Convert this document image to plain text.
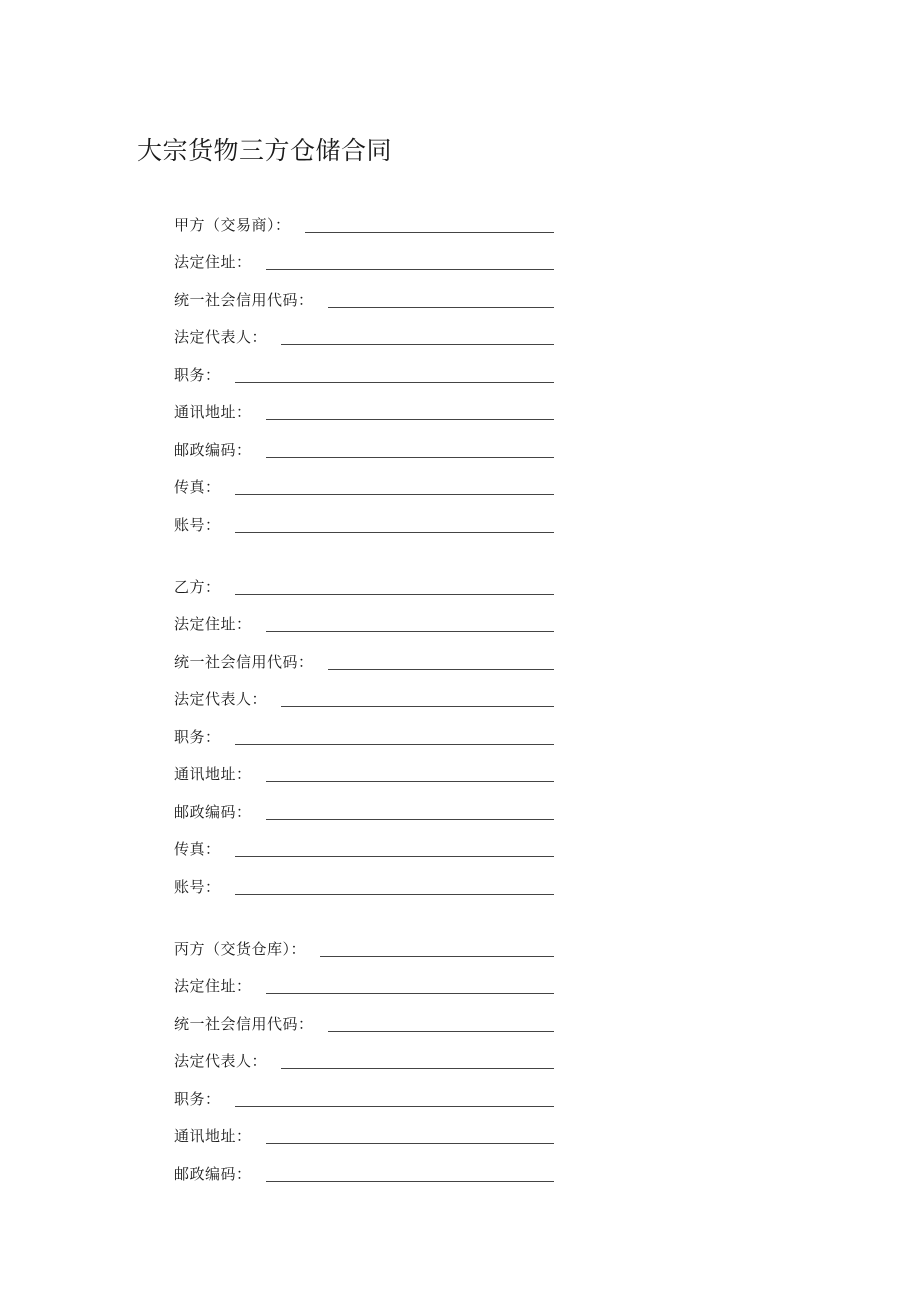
大宗货物三方仓储合同
甲方（交易商）：
法定住址：
统一社会信用代码：
法定代表人：
职务：
通讯地址：
邮政编码：
传真：
账号：
乙方：
法定住址：
统一社会信用代码：
法定代表人：
职务：
通讯地址：
邮政编码：
传真：
账号：
丙方（交货仓库）：
法定住址：
统一社会信用代码：
法定代表人：
职务：
通讯地址：
邮政编码：
